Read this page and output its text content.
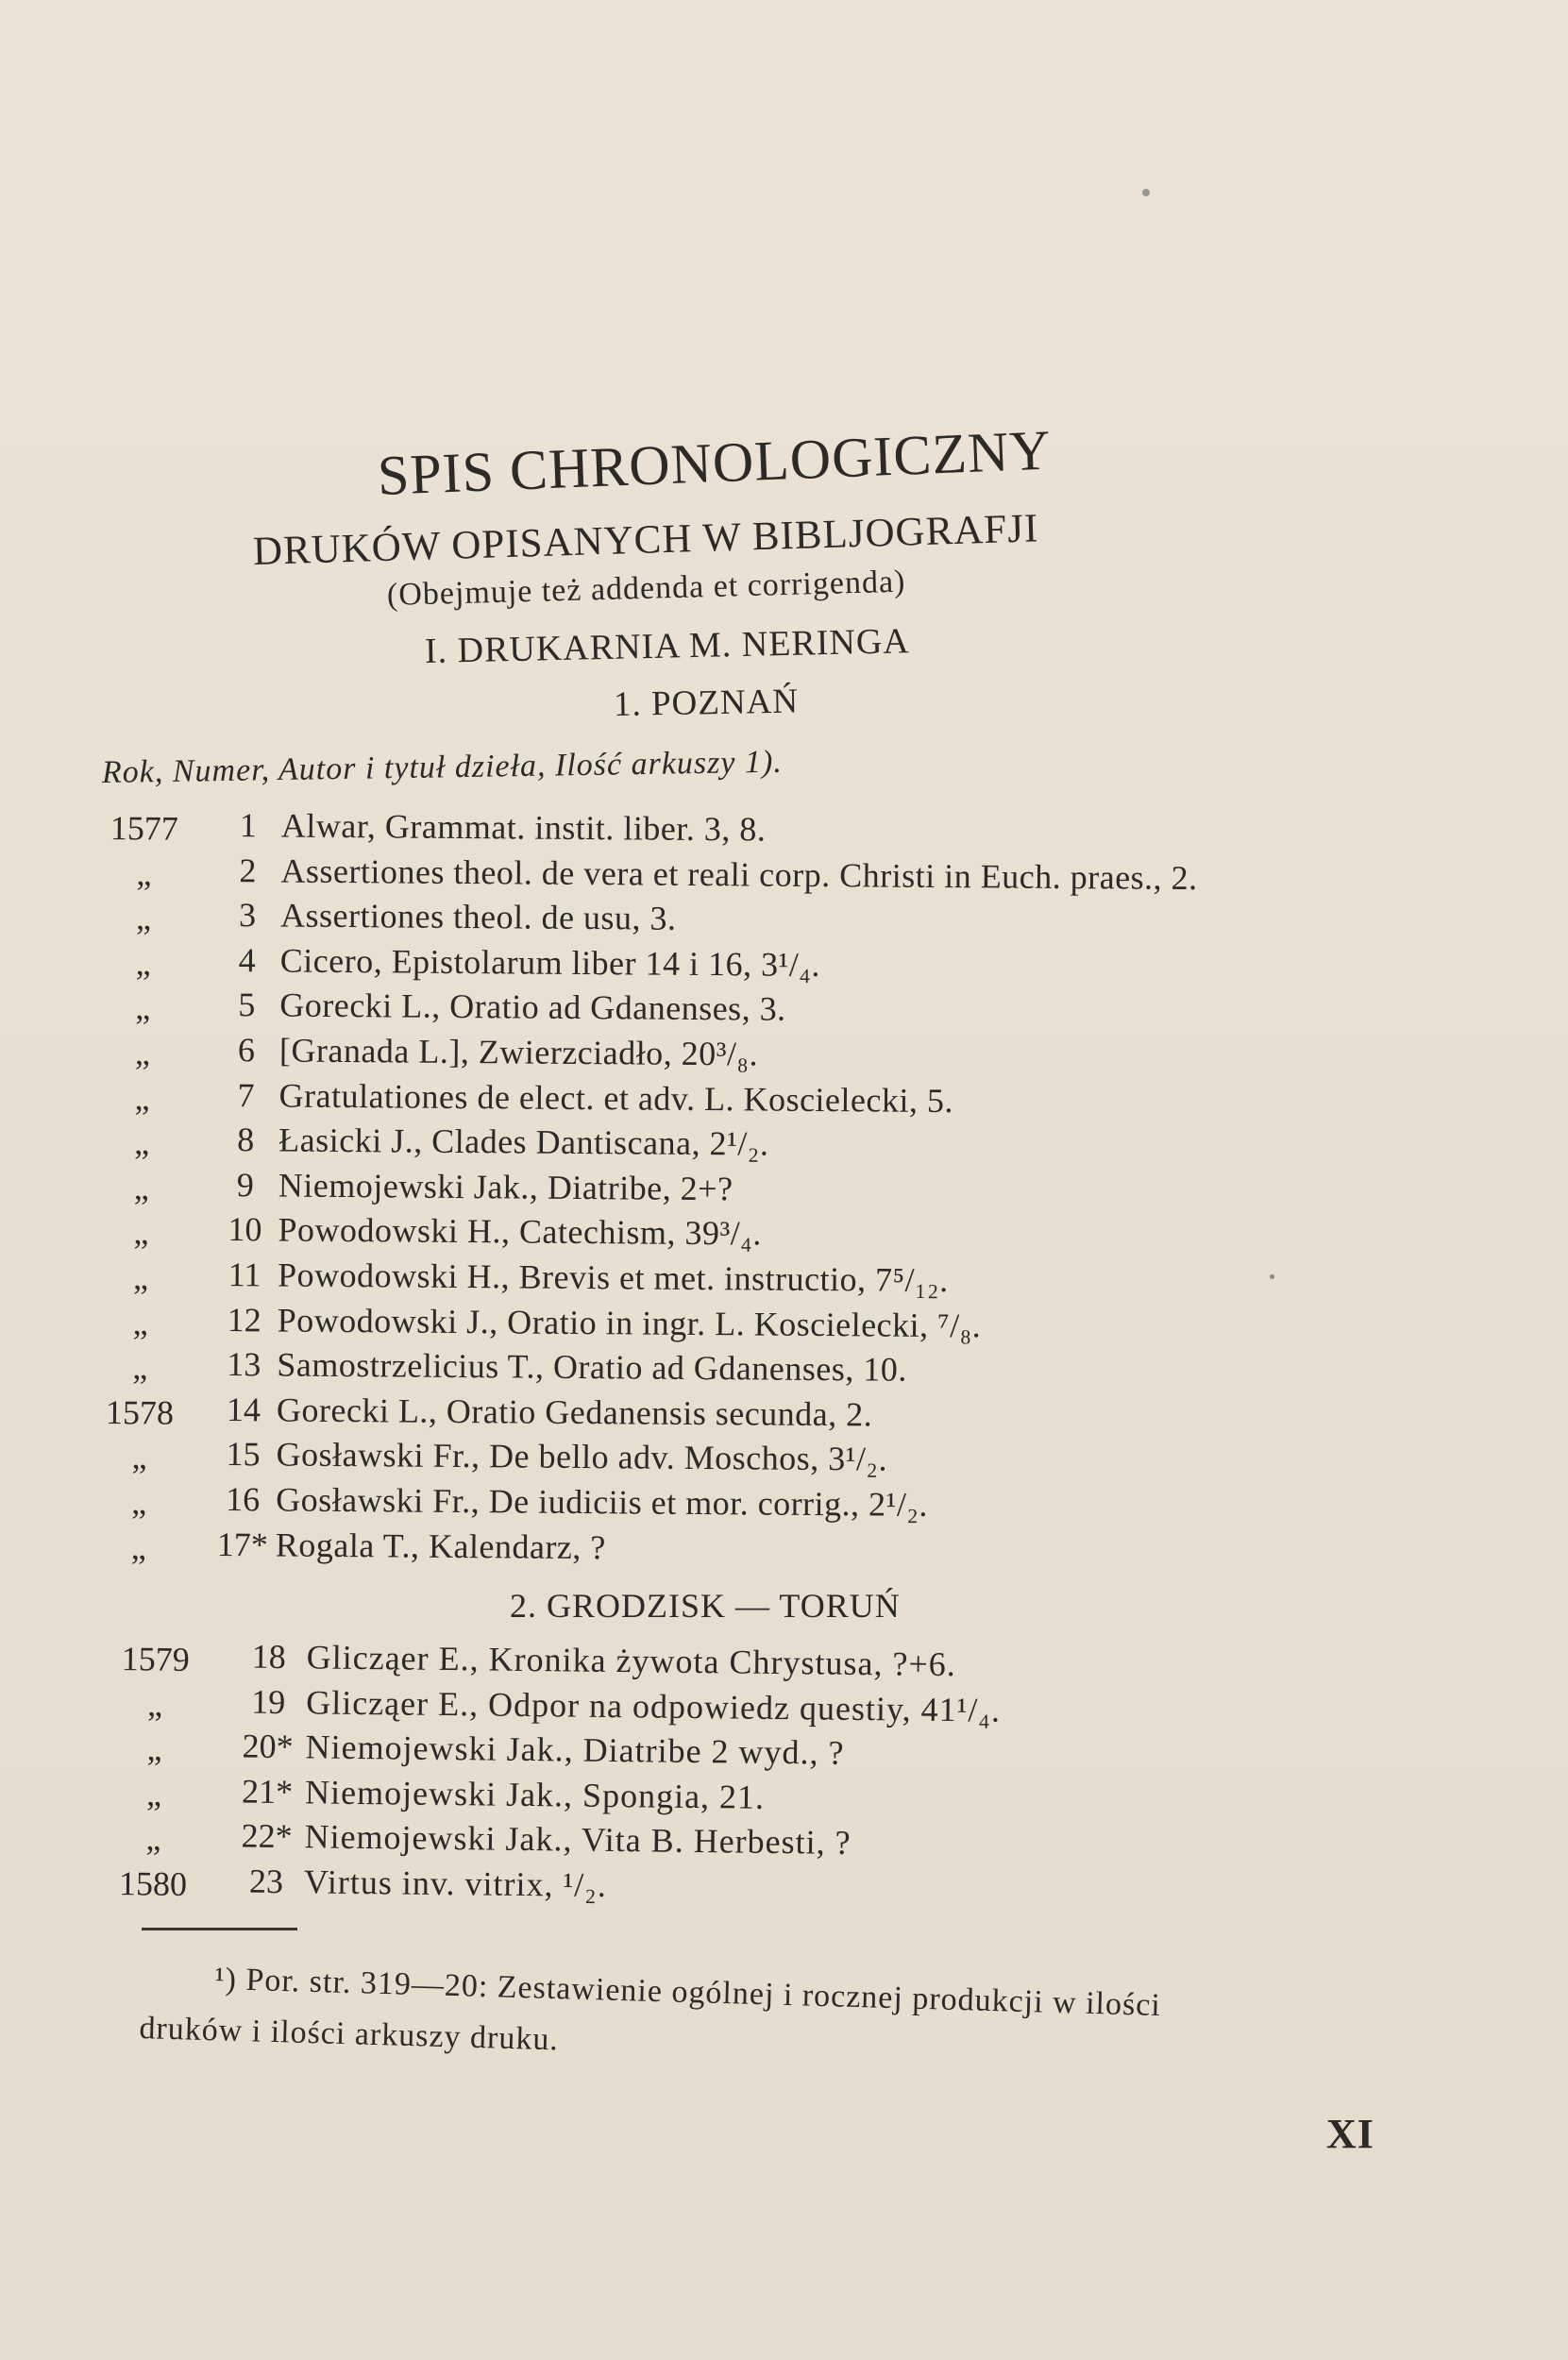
SPIS CHRONOLOGICZNY
DRUKÓW OPISANYCH W BIBLJOGRAFJI
(Obejmuje też addenda et corrigenda)
I. DRUKARNIA M. NERINGA
1. POZNAŃ
Rok, Numer, Autor i tytuł dzieła, Ilość arkuszy 1).
1577	1 Alwar, Grammat. instit. liber. 3, 8.
„	2 Assertiones theol. de vera et reali corp. Christi in Euch. praes., 2.
„	3 Assertiones theol. de usu, 3.
„	4 Cicero, Epistolarum liber 14 i 16, 3¹/₄.
„	5 Gorecki L., Oratio ad Gdanenses, 3.
„	6 [Granada L.], Zwierzciadło, 20³/₈.
„	7 Gratulationes de elect. et adv. L. Koscielecki, 5.
„	8 Łasicki J., Clades Dantiscana, 2¹/₂.
„	9 Niemojewski Jak., Diatribe, 2+?
„	10 Powodowski H., Catechism, 39³/₄.
„	11 Powodowski H., Brevis et met. instructio, 7⁵/₁₂.
„	12 Powodowski J., Oratio in ingr. L. Koscielecki, ⁷/₈.
„	13 Samostrzelicius T., Oratio ad Gdanenses, 10.
1578	14 Gorecki L., Oratio Gedanensis secunda, 2.
„	15 Gosławski Fr., De bello adv. Moschos, 3¹/₂.
„	16 Gosławski Fr., De iudiciis et mor. corrig., 2¹/₂.
„	17* Rogala T., Kalendarz, ?
2. GRODZISK — TORUŃ
1579	18 Glicząer E., Kronika żywota Chrystusa, ?+6.
„	19 Glicząer E., Odpor na odpowiedz questiy, 41¹/₄.
„	20* Niemojewski Jak., Diatribe 2 wyd., ?
„	21* Niemojewski Jak., Spongia, 21.
„	22* Niemojewski Jak., Vita B. Herbesti, ?
1580	23 Virtus inv. vitrix, ¹/₂.
druków i ilości arkuszy druku.
¹) Por. str. 319—20: Zestawienie ogólnej i rocznej produkcji w ilości
XI
